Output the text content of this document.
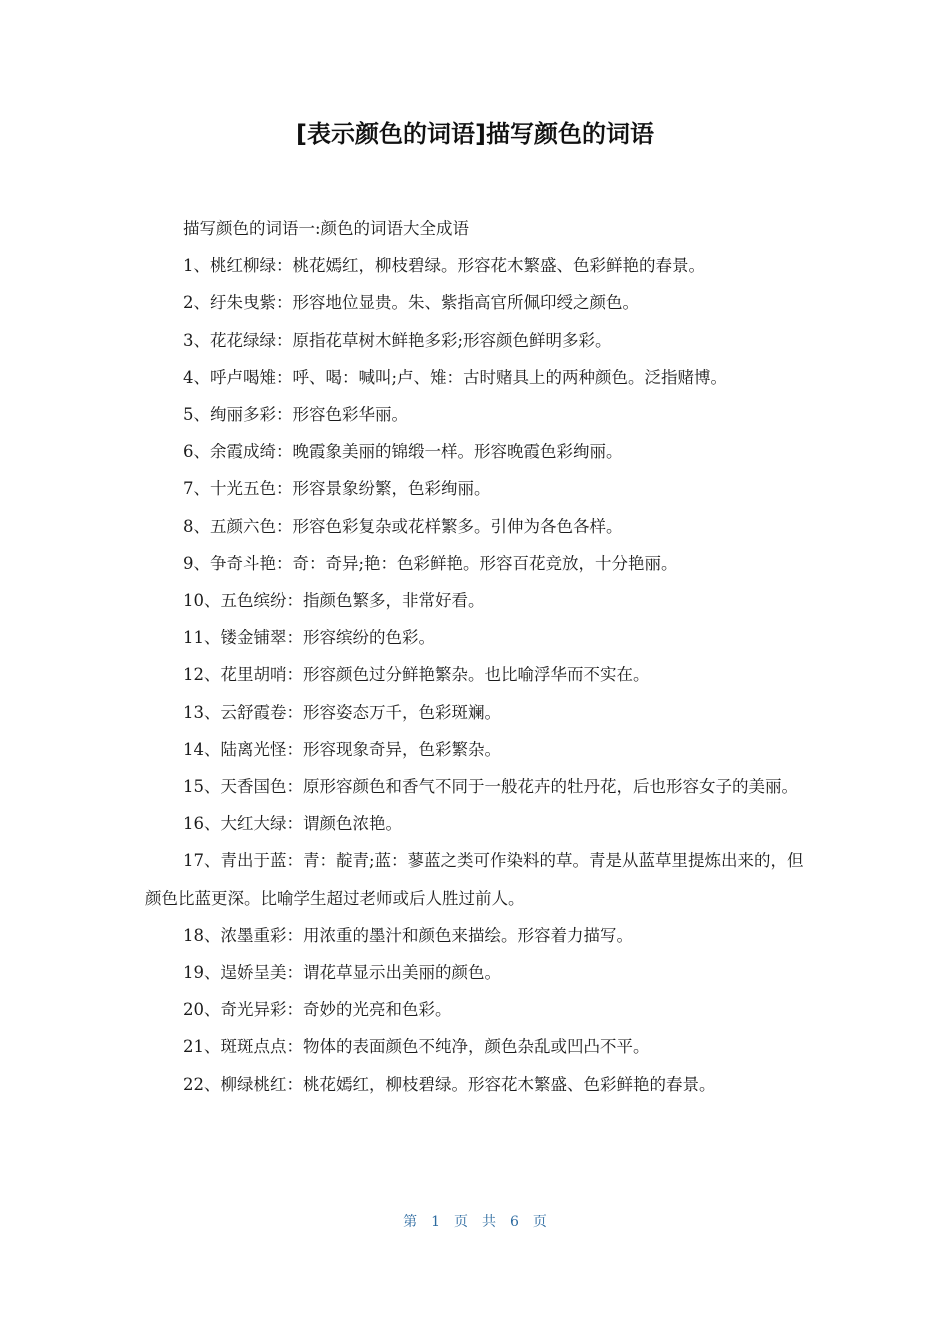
[表示颜色的词语]描写颜色的词语

描写颜色的词语一:颜色的词语大全成语

1、桃红柳绿：桃花嫣红，柳枝碧绿。形容花木繁盛、色彩鲜艳的春景。

2、纡朱曳紫：形容地位显贵。朱、紫指高官所佩印绶之颜色。

3、花花绿绿：原指花草树木鲜艳多彩;形容颜色鲜明多彩。

4、呼卢喝雉：呼、喝：喊叫;卢、雉：古时赌具上的两种颜色。泛指赌博。

5、绚丽多彩：形容色彩华丽。

6、余霞成绮：晚霞象美丽的锦缎一样。形容晚霞色彩绚丽。

7、十光五色：形容景象纷繁，色彩绚丽。

8、五颜六色：形容色彩复杂或花样繁多。引伸为各色各样。

9、争奇斗艳：奇：奇异;艳：色彩鲜艳。形容百花竞放，十分艳丽。

10、五色缤纷：指颜色繁多，非常好看。

11、镂金铺翠：形容缤纷的色彩。

12、花里胡哨：形容颜色过分鲜艳繁杂。也比喻浮华而不实在。

13、云舒霞卷：形容姿态万千，色彩斑斓。

14、陆离光怪：形容现象奇异，色彩繁杂。

15、天香国色：原形容颜色和香气不同于一般花卉的牡丹花，后也形容女子的美丽。

16、大红大绿：谓颜色浓艳。

17、青出于蓝：青：靛青;蓝：蓼蓝之类可作染料的草。青是从蓝草里提炼出来的，但颜色比蓝更深。比喻学生超过老师或后人胜过前人。

18、浓墨重彩：用浓重的墨汁和颜色来描绘。形容着力描写。

19、逞娇呈美：谓花草显示出美丽的颜色。

20、奇光异彩：奇妙的光亮和色彩。

21、斑斑点点：物体的表面颜色不纯净，颜色杂乱或凹凸不平。

22、柳绿桃红：桃花嫣红，柳枝碧绿。形容花木繁盛、色彩鲜艳的春景。

第 1 页 共 6 页
